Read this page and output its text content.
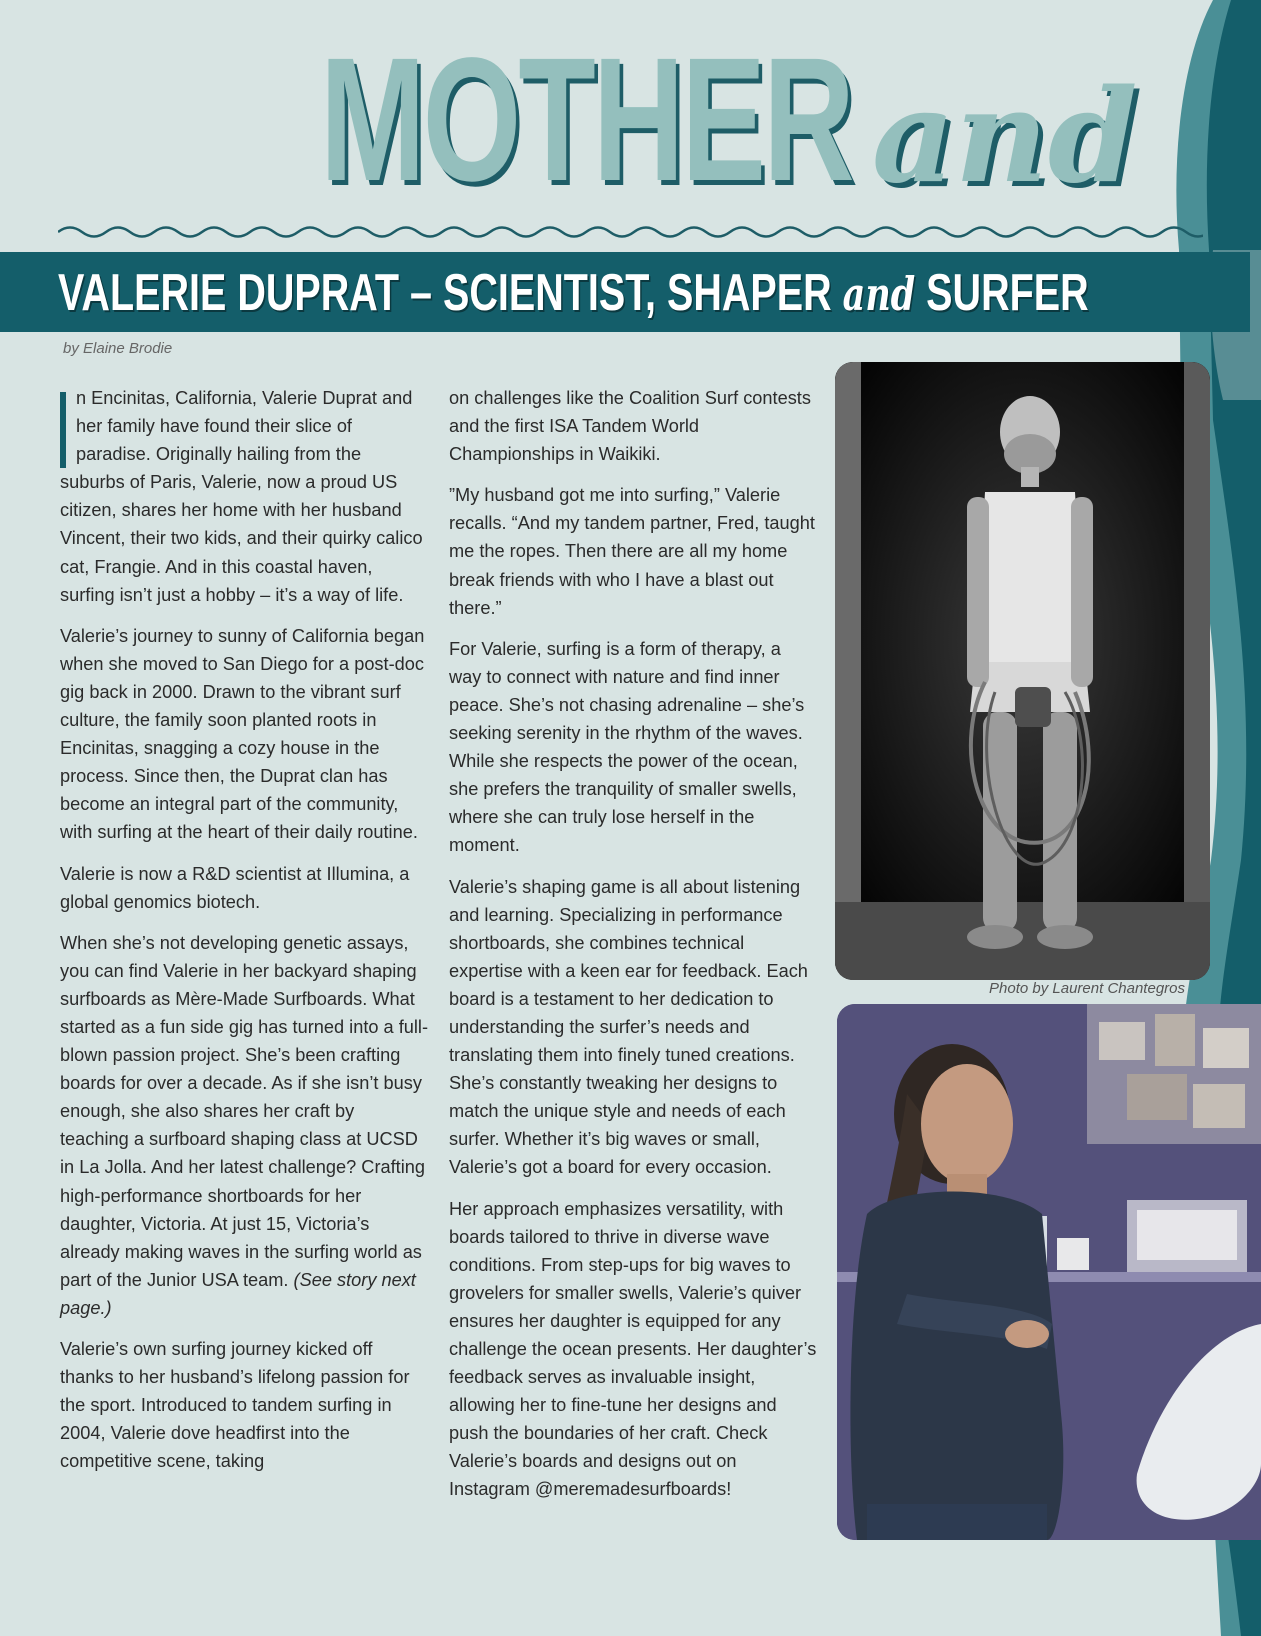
MOTHER and
VALERIE DUPRAT – SCIENTIST, SHAPER and SURFER
by Elaine Brodie

n Encinitas, California, Valerie Duprat and her family have found their slice of paradise. Originally hailing from the suburbs of Paris, Valerie, now a proud US citizen, shares her home with her husband Vincent, their two kids, and their quirky calico cat, Frangie. And in this coastal haven, surfing isn’t just a hobby – it’s a way of life.

Valerie’s journey to sunny of California began when she moved to San Diego for a post-doc gig back in 2000. Drawn to the vibrant surf culture, the family soon planted roots in Encinitas, snagging a cozy house in the process. Since then, the Duprat clan has become an integral part of the community, with surfing at the heart of their daily routine.

Valerie is now a R&D scientist at Illumina, a global genomics biotech.

When she’s not developing genetic assays, you can find Valerie in her backyard shaping surfboards as Mère-Made Surfboards. What started as a fun side gig has turned into a full-blown passion project. She’s been crafting boards for over a decade. As if she isn’t busy enough, she also shares her craft by teaching a surfboard shaping class at UCSD in La Jolla. And her latest challenge? Crafting high-performance shortboards for her daughter, Victoria. At just 15, Victoria’s already making waves in the surfing world as part of the Junior USA team. (See story next page.)

Valerie’s own surfing journey kicked off thanks to her husband’s lifelong passion for the sport. Introduced to tandem surfing in 2004, Valerie dove headfirst into the competitive scene, taking

on challenges like the Coalition Surf contests and the first ISA Tandem World Championships in Waikiki.

”My husband got me into surfing,” Valerie recalls. “And my tandem partner, Fred, taught me the ropes. Then there are all my home break friends with who I have a blast out there.”

For Valerie, surfing is a form of therapy, a way to connect with nature and find inner peace. She’s not chasing adrenaline – she’s seeking serenity in the rhythm of the waves. While she respects the power of the ocean, she prefers the tranquility of smaller swells, where she can truly lose herself in the moment.

Valerie’s shaping game is all about listening and learning. Specializing in performance shortboards, she combines technical expertise with a keen ear for feedback. Each board is a testament to her dedication to understanding the surfer’s needs and translating them into finely tuned creations. She’s constantly tweaking her designs to match the unique style and needs of each surfer. Whether it’s big waves or small, Valerie’s got a board for every occasion.

Her approach emphasizes versatility, with boards tailored to thrive in diverse wave conditions. From step-ups for big waves to grovelers for smaller swells, Valerie’s quiver ensures her daughter is equipped for any challenge the ocean presents. Her daughter’s feedback serves as invaluable insight, allowing her to fine-tune her designs and push the boundaries of her craft. Check Valerie’s boards and designs out on Instagram @meremadesurfboards!

Photo by Laurent Chantegros
